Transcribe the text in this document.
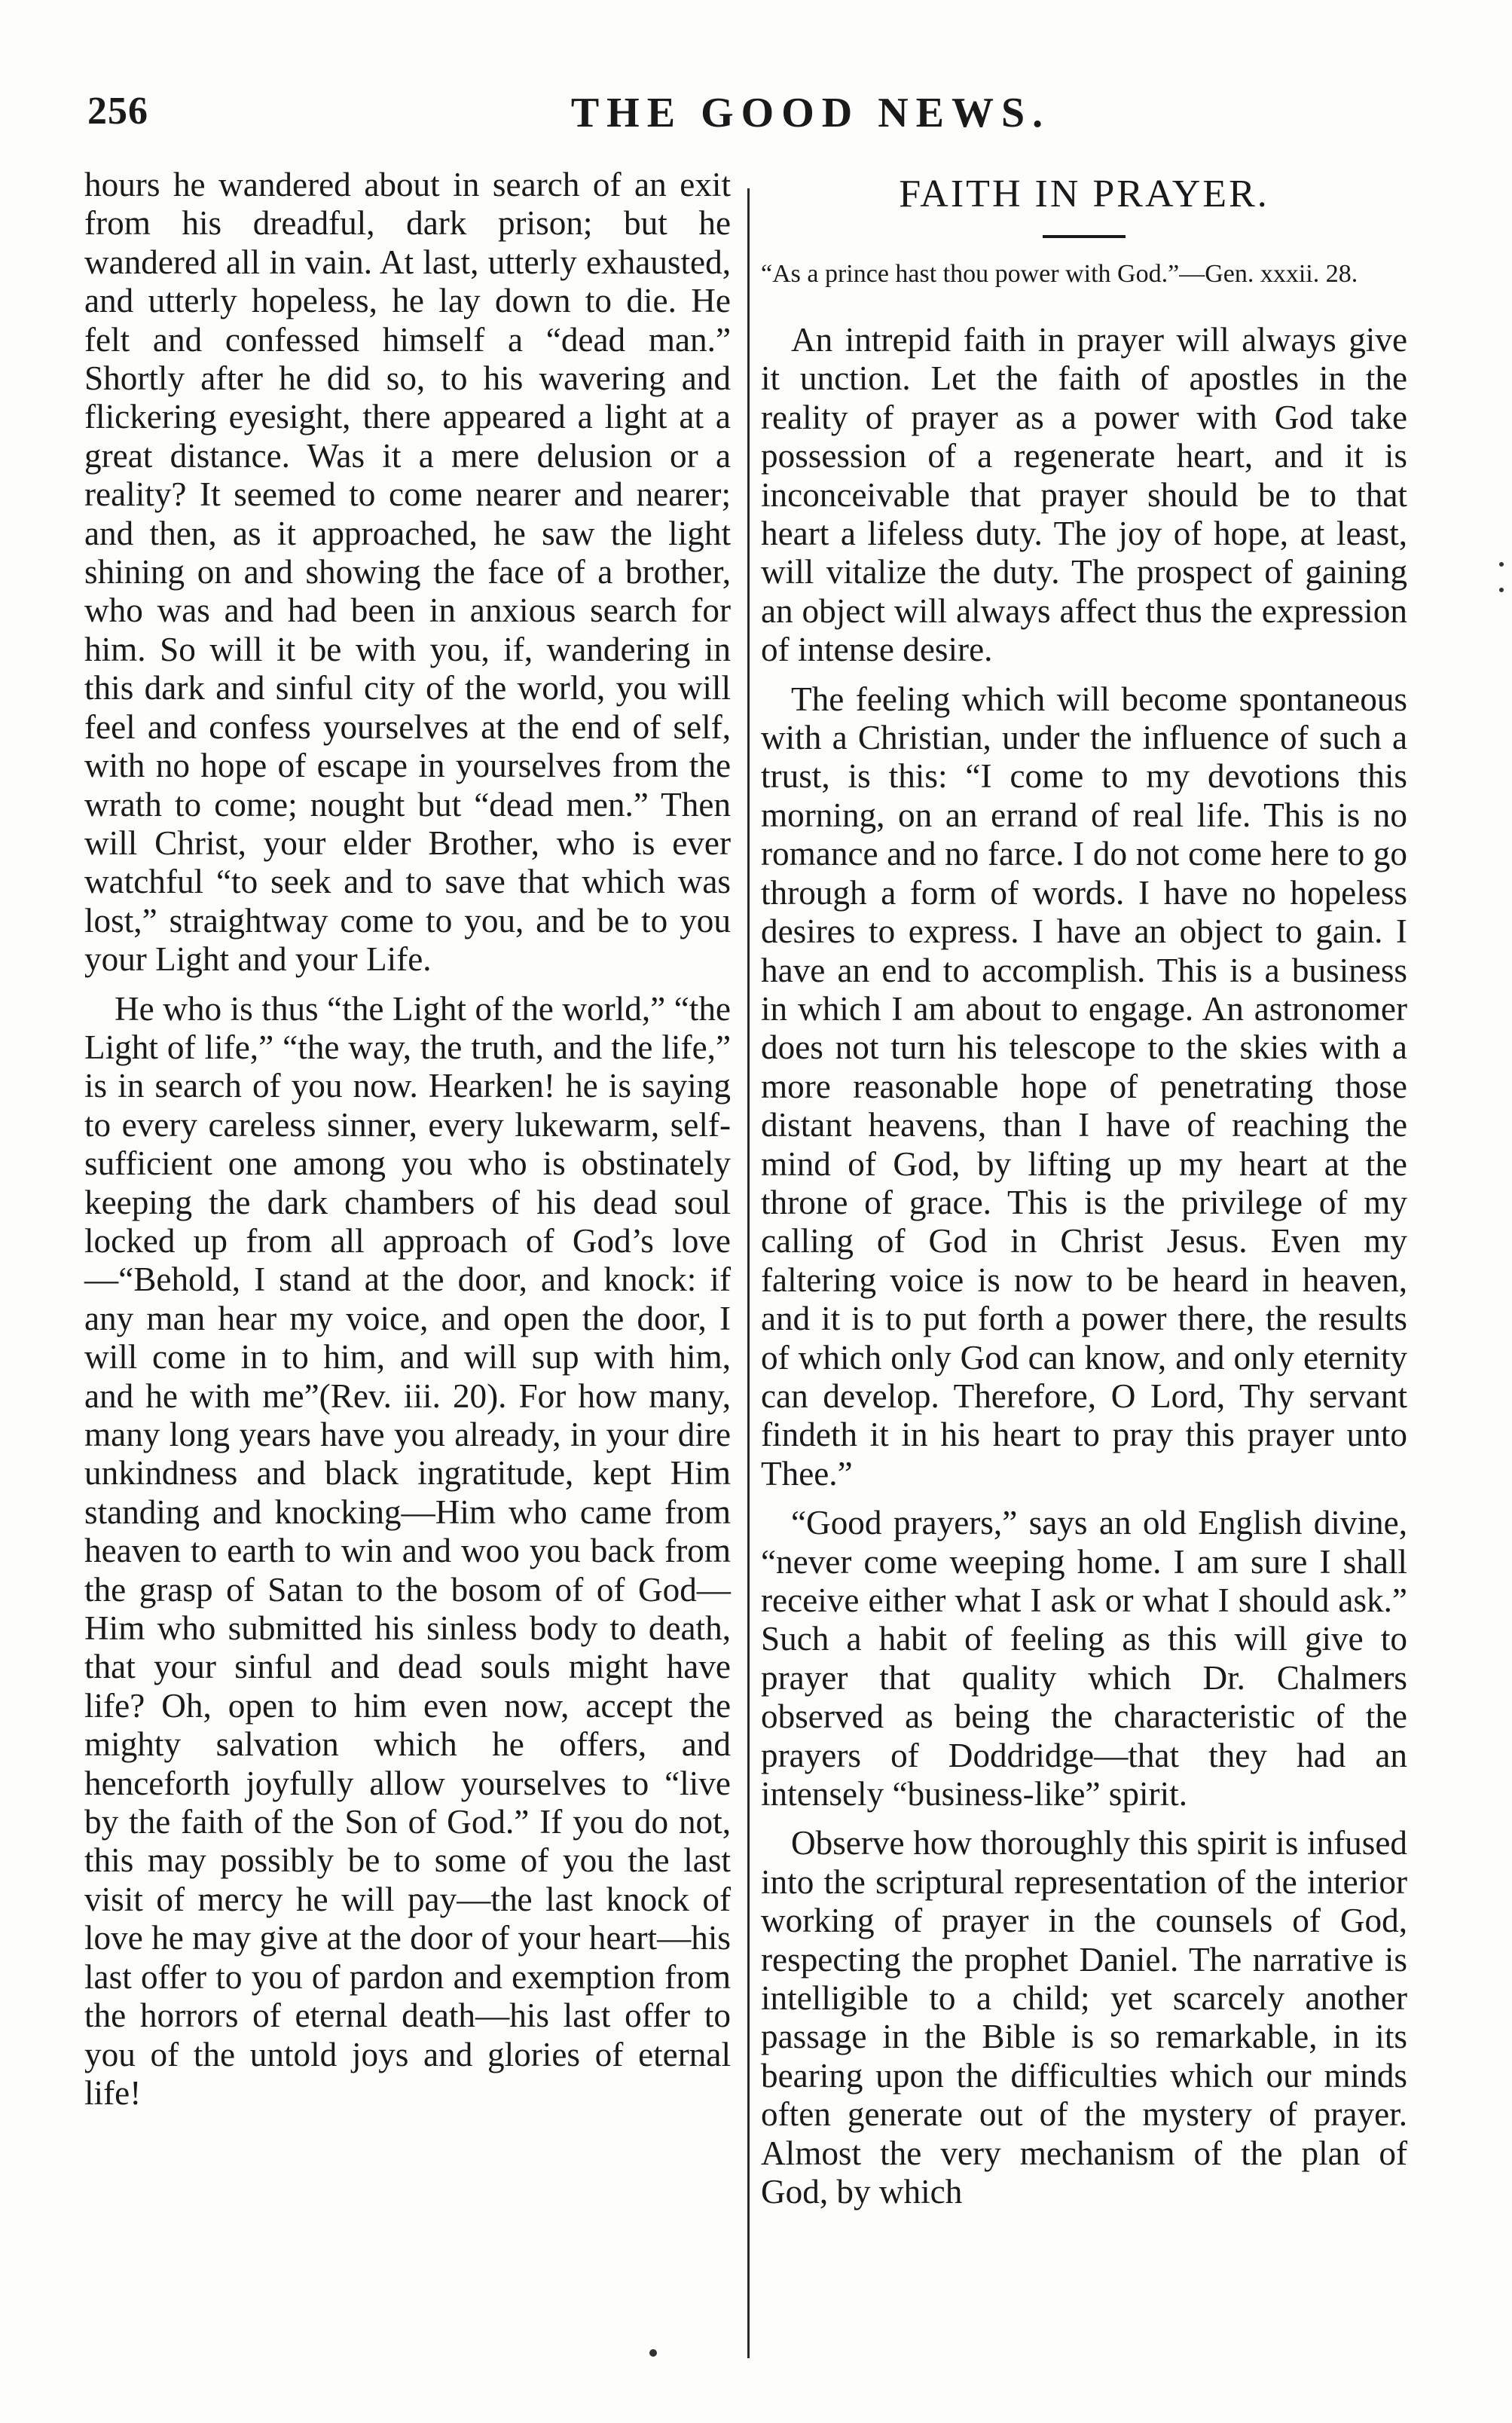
256	THE GOOD NEWS.

hours he wandered about in search of an exit from his dreadful, dark prison; but he wandered all in vain. At last, utterly exhausted, and utterly hopeless, he lay down to die. He felt and confessed himself a “dead man.” Shortly after he did so, to his wavering and flickering eyesight, there appeared a light at a great distance. Was it a mere delusion or a reality? It seemed to come nearer and nearer; and then, as it approached, he saw the light shining on and showing the face of a brother, who was and had been in anxious search for him. So will it be with you, if, wandering in this dark and sinful city of the world, you will feel and confess yourselves at the end of self, with no hope of escape in yourselves from the wrath to come; nought but “dead men.” Then will Christ, your elder Brother, who is ever watchful “to seek and to save that which was lost,” straightway come to you, and be to you your Light and your Life.

He who is thus “the Light of the world,” “the Light of life,” “the way, the truth, and the life,” is in search of you now. Hearken! he is saying to every careless sinner, every lukewarm, self-sufficient one among you who is obstinately keeping the dark chambers of his dead soul locked up from all approach of God’s love—“Behold, I stand at the door, and knock: if any man hear my voice, and open the door, I will come in to him, and will sup with him, and he with me”(Rev. iii. 20). For how many, many long years have you already, in your dire unkindness and black ingratitude, kept Him standing and knocking—Him who came from heaven to earth to win and woo you back from the grasp of Satan to the bosom of of God—Him who submitted his sinless body to death, that your sinful and dead souls might have life? Oh, open to him even now, accept the mighty salvation which he offers, and henceforth joyfully allow yourselves to “live by the faith of the Son of God.” If you do not, this may possibly be to some of you the last visit of mercy he will pay—the last knock of love he may give at the door of your heart—his last offer to you of pardon and exemption from the horrors of eternal death—his last offer to you of the untold joys and glories of eternal life!

FAITH IN PRAYER.

“As a prince hast thou power with God.”—Gen. xxxii. 28.

An intrepid faith in prayer will always give it unction. Let the faith of apostles in the reality of prayer as a power with God take possession of a regenerate heart, and it is inconceivable that prayer should be to that heart a lifeless duty. The joy of hope, at least, will vitalize the duty. The prospect of gaining an object will always affect thus the expression of intense desire.

The feeling which will become spontaneous with a Christian, under the influence of such a trust, is this: “I come to my devotions this morning, on an errand of real life. This is no romance and no farce. I do not come here to go through a form of words. I have no hopeless desires to express. I have an object to gain. I have an end to accomplish. This is a business in which I am about to engage. An astronomer does not turn his telescope to the skies with a more reasonable hope of penetrating those distant heavens, than I have of reaching the mind of God, by lifting up my heart at the throne of grace. This is the privilege of my calling of God in Christ Jesus. Even my faltering voice is now to be heard in heaven, and it is to put forth a power there, the results of which only God can know, and only eternity can develop. Therefore, O Lord, Thy servant findeth it in his heart to pray this prayer unto Thee.”

“Good prayers,” says an old English divine, “never come weeping home. I am sure I shall receive either what I ask or what I should ask.” Such a habit of feeling as this will give to prayer that quality which Dr. Chalmers observed as being the characteristic of the prayers of Doddridge—that they had an intensely “business-like” spirit.

Observe how thoroughly this spirit is infused into the scriptural representation of the interior working of prayer in the counsels of God, respecting the prophet Daniel. The narrative is intelligible to a child; yet scarcely another passage in the Bible is so remarkable, in its bearing upon the difficulties which our minds often generate out of the mystery of prayer. Almost the very mechanism of the plan of God, by which
